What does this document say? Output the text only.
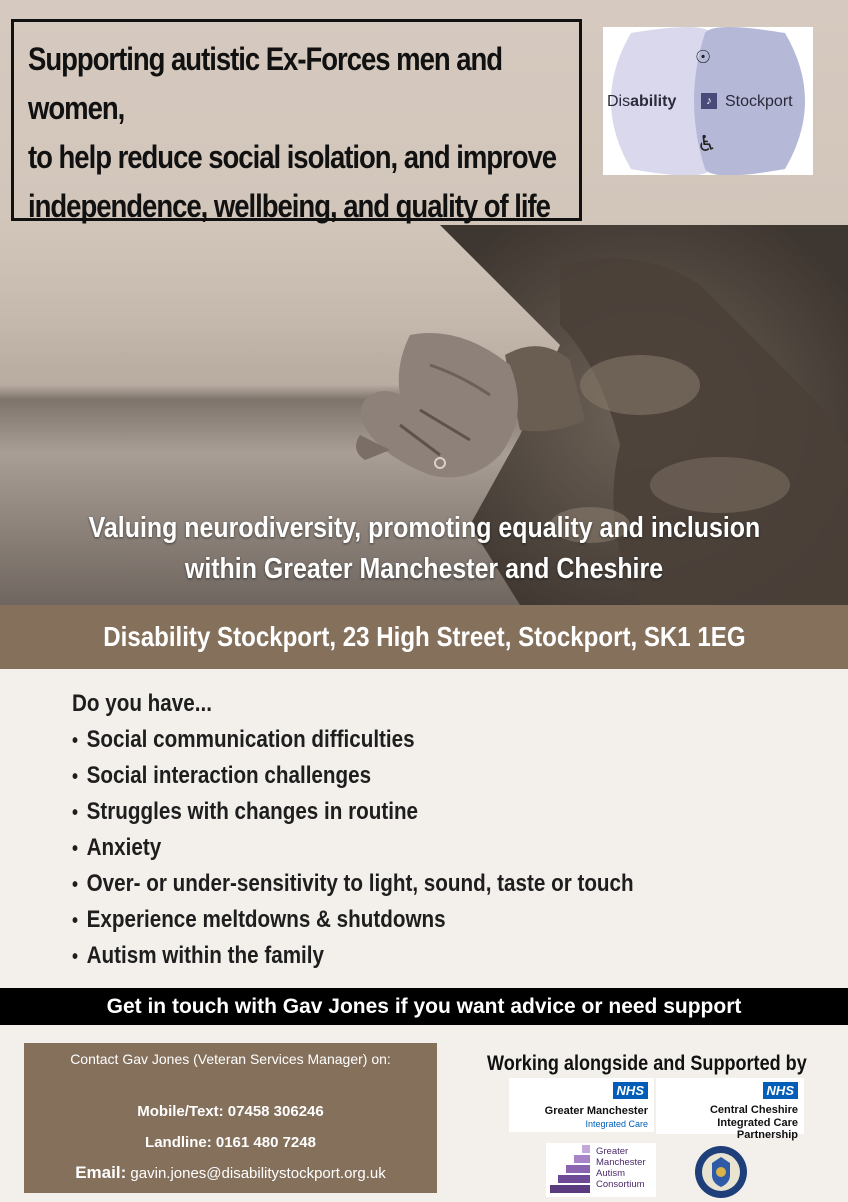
Supporting autistic Ex-Forces men and women,
to help reduce social isolation, and improve
independence, wellbeing, and quality of life
☉︎
♪
♿
Disability	Stockport
Valuing neurodiversity, promoting equality and inclusion
within Greater Manchester and Cheshire
Disability Stockport, 23 High Street, Stockport, SK1 1EG
Do you have...
• Social communication difficulties
• Social interaction challenges
• Struggles with changes in routine
• Anxiety
• Over- or under-sensitivity to light, sound, taste or touch
• Experience meltdowns & shutdowns
• Autism within the family
Get in touch with Gav Jones if you want advice or need support
Contact Gav Jones (Veteran Services Manager) on:
Mobile/Text: 07458 306246
Landline: 0161 480 7248
Email: gavin.jones@disabilitystockport.org.uk
Working alongside and Supported by
NHS
Greater Manchester
Integrated Care
NHS
Central Cheshire
Integrated Care Partnership
Greater
Manchester
Autism
Consortium
